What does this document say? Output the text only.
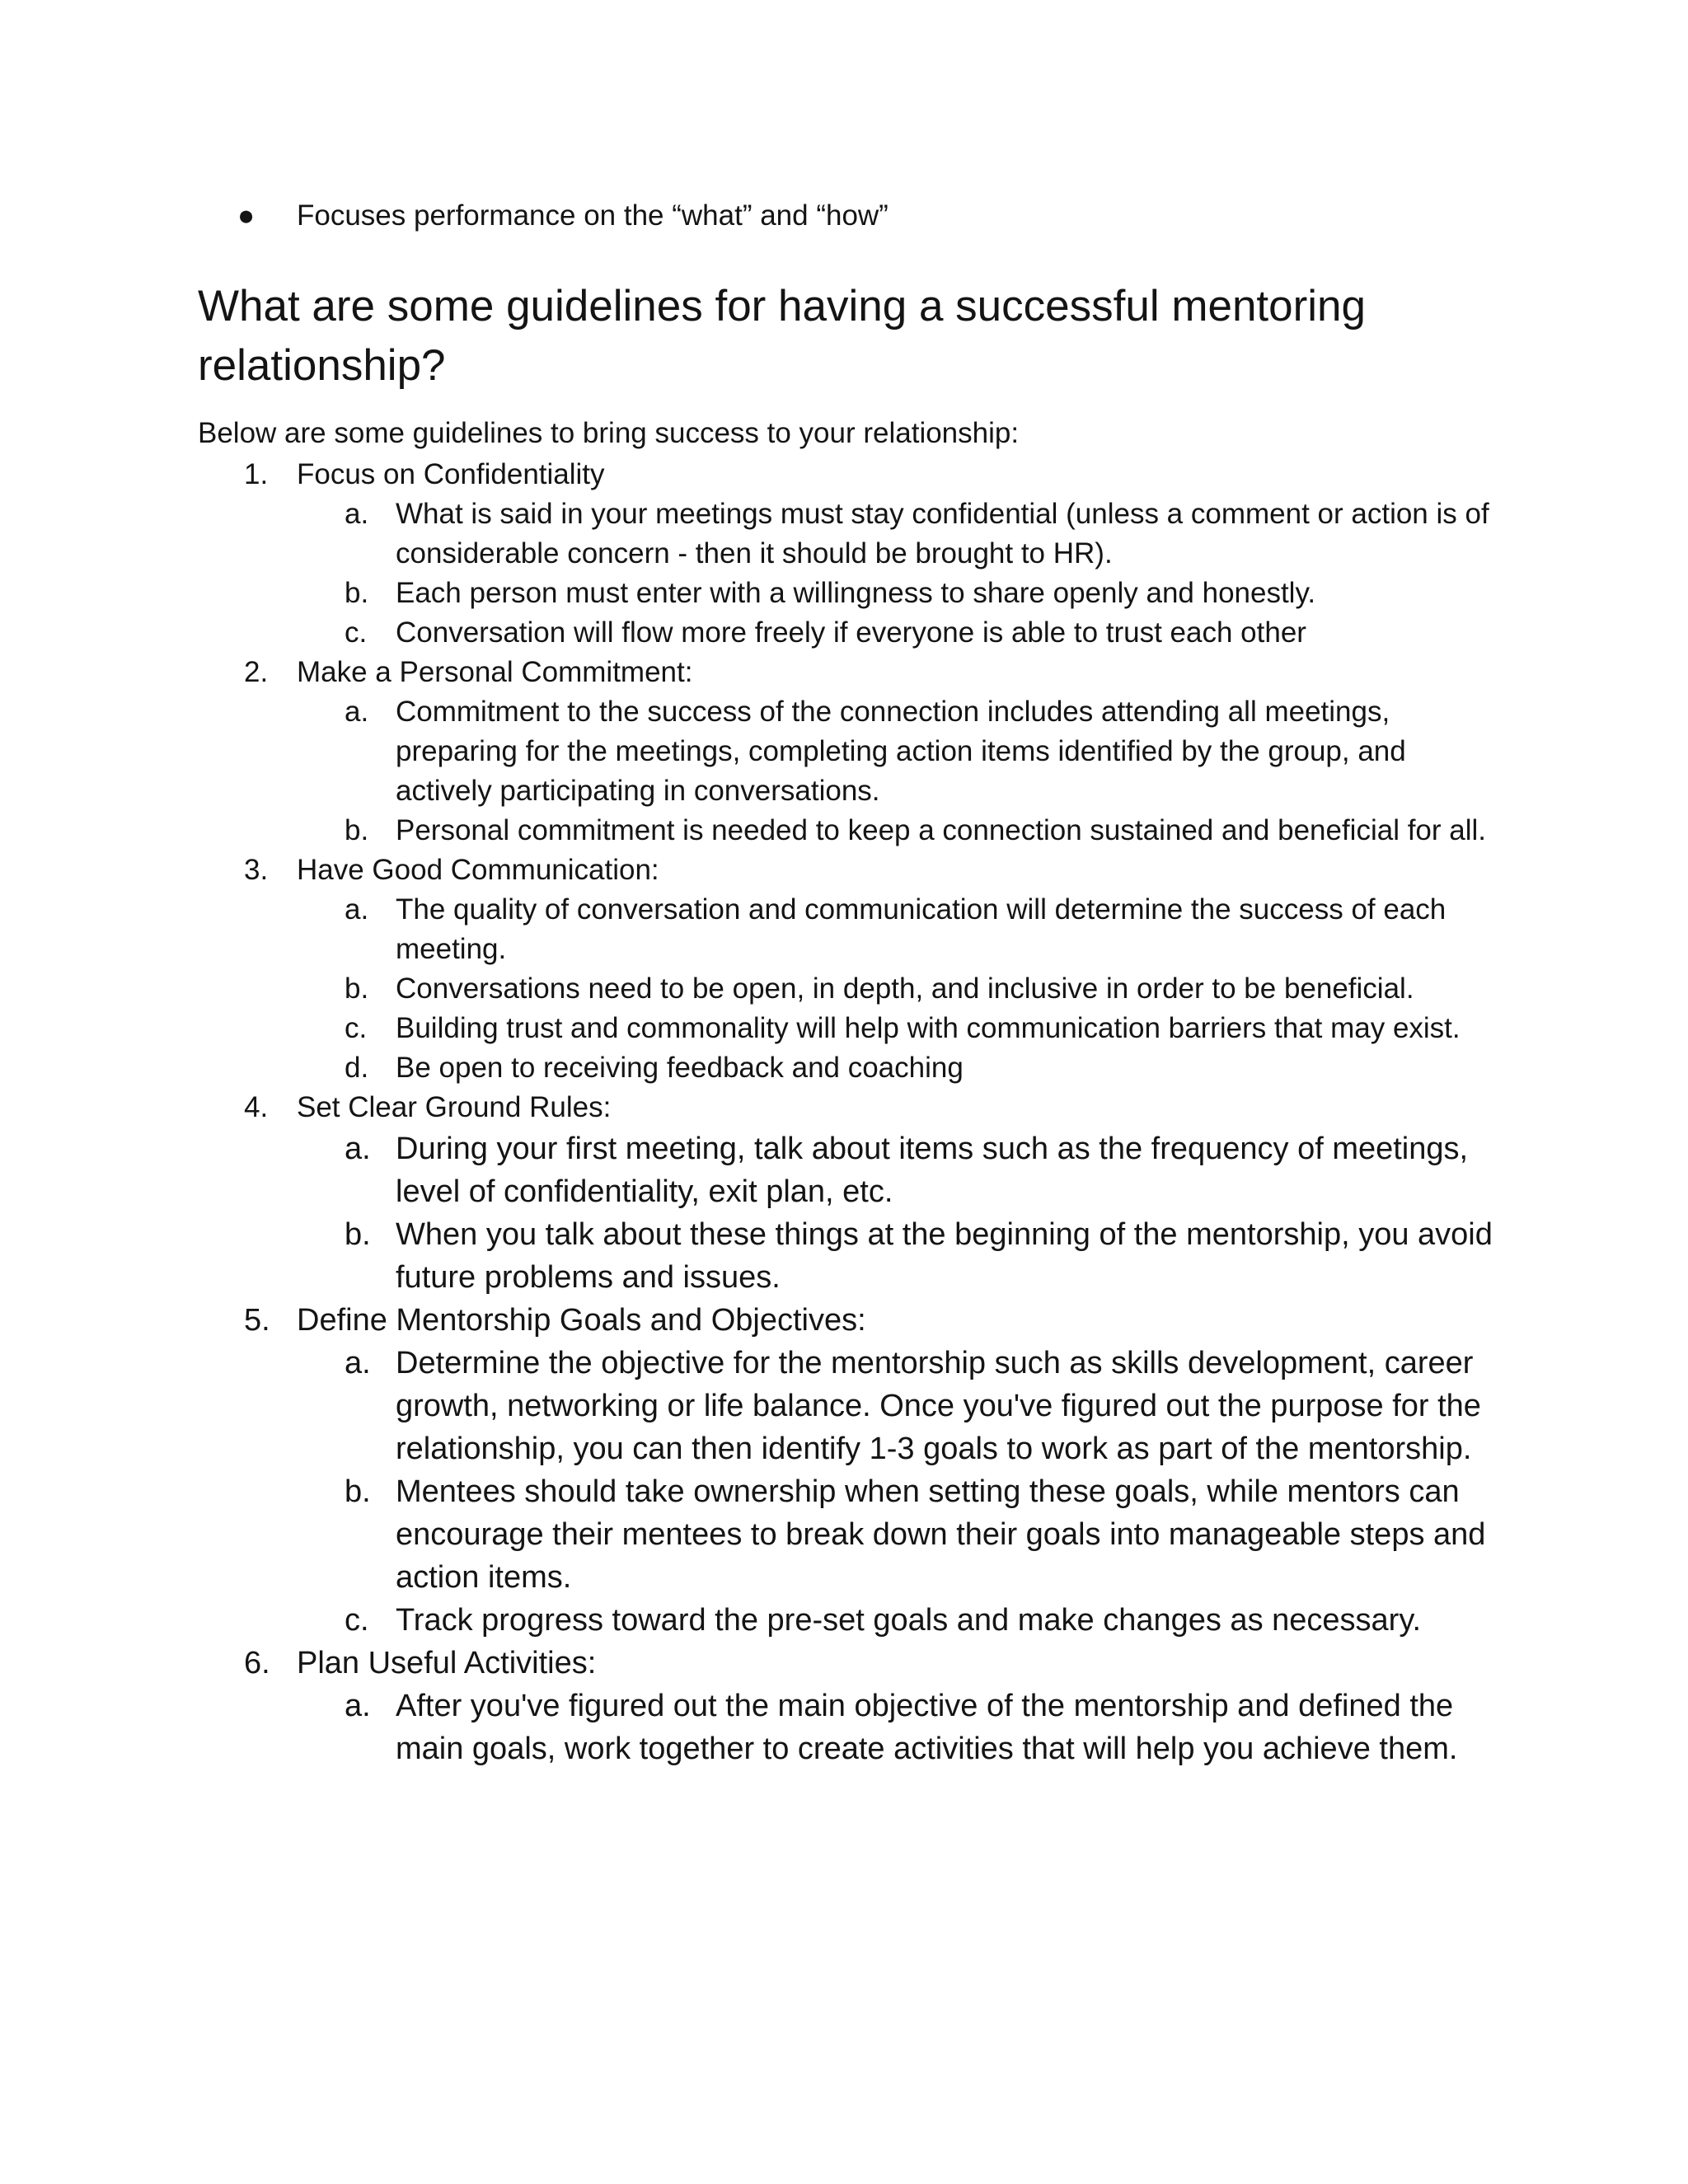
● Focuses performance on the “what” and “how”
What are some guidelines for having a successful mentoring relationship?
Below are some guidelines to bring success to your relationship:
1. Focus on Confidentiality
a. What is said in your meetings must stay confidential (unless a comment or action is of considerable concern - then it should be brought to HR).
b. Each person must enter with a willingness to share openly and honestly.
c. Conversation will flow more freely if everyone is able to trust each other
2. Make a Personal Commitment:
a. Commitment to the success of the connection includes attending all meetings, preparing for the meetings, completing action items identified by the group, and actively participating in conversations.
b. Personal commitment is needed to keep a connection sustained and beneficial for all.
3. Have Good Communication:
a. The quality of conversation and communication will determine the success of each meeting.
b. Conversations need to be open, in depth, and inclusive in order to be beneficial.
c. Building trust and commonality will help with communication barriers that may exist.
d. Be open to receiving feedback and coaching
4. Set Clear Ground Rules:
a. During your first meeting, talk about items such as the frequency of meetings, level of confidentiality, exit plan, etc.
b. When you talk about these things at the beginning of the mentorship, you avoid future problems and issues.
5. Define Mentorship Goals and Objectives:
a. Determine the objective for the mentorship such as skills development, career growth, networking or life balance. Once you've figured out the purpose for the relationship, you can then identify 1-3 goals to work as part of the mentorship.
b. Mentees should take ownership when setting these goals, while mentors can encourage their mentees to break down their goals into manageable steps and action items.
c. Track progress toward the pre-set goals and make changes as necessary.
6. Plan Useful Activities:
a. After you've figured out the main objective of the mentorship and defined the main goals, work together to create activities that will help you achieve them.
